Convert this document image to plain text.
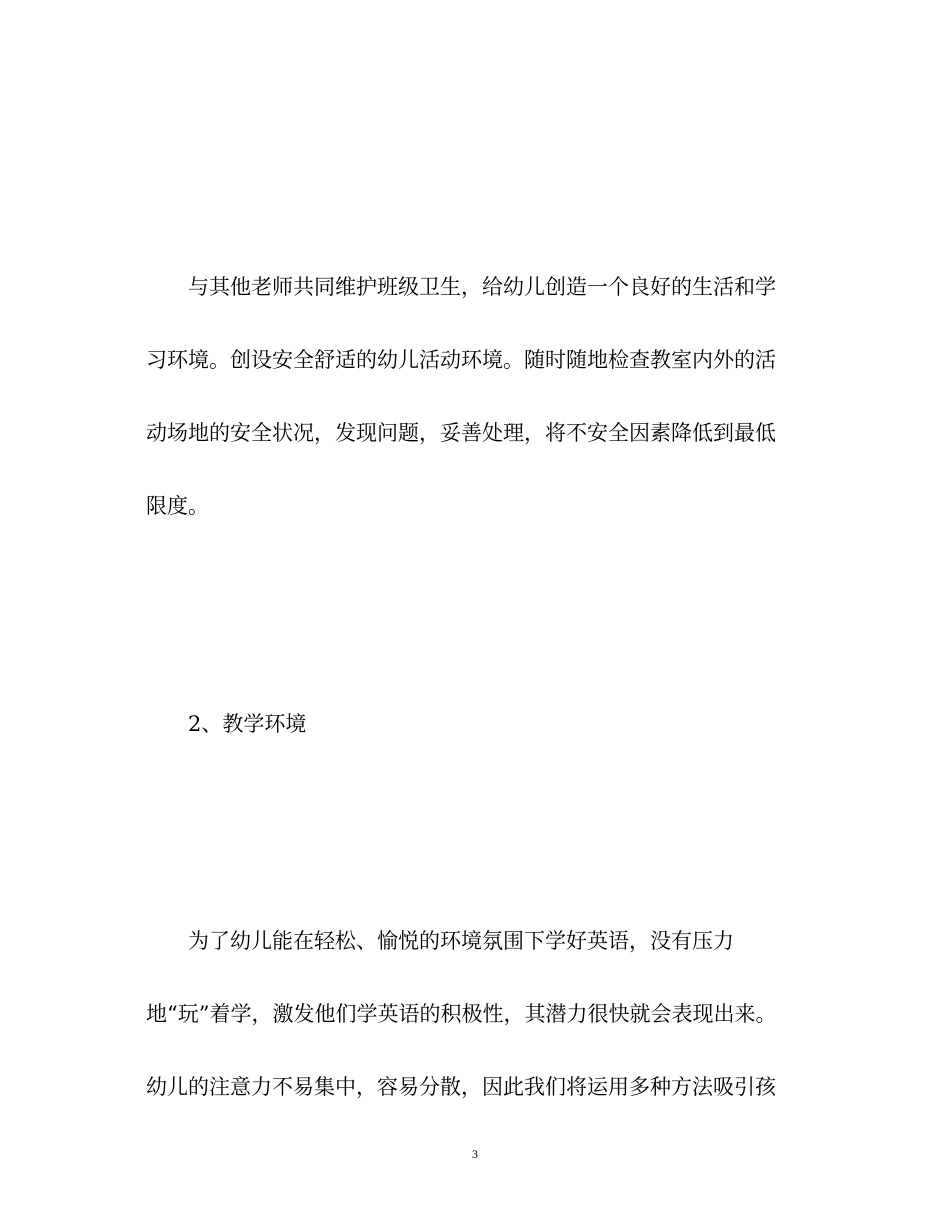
与其他老师共同维护班级卫生，给幼儿创造一个良好的生活和学
习环境。创设安全舒适的幼儿活动环境。随时随地检查教室内外的活
动场地的安全状况，发现问题，妥善处理，将不安全因素降低到最低
限度。
2、教学环境
为了幼儿能在轻松、愉悦的环境氛围下学好英语，没有压力
地“玩”着学，激发他们学英语的积极性，其潜力很快就会表现出来。
幼儿的注意力不易集中，容易分散，因此我们将运用多种方法吸引孩
3
